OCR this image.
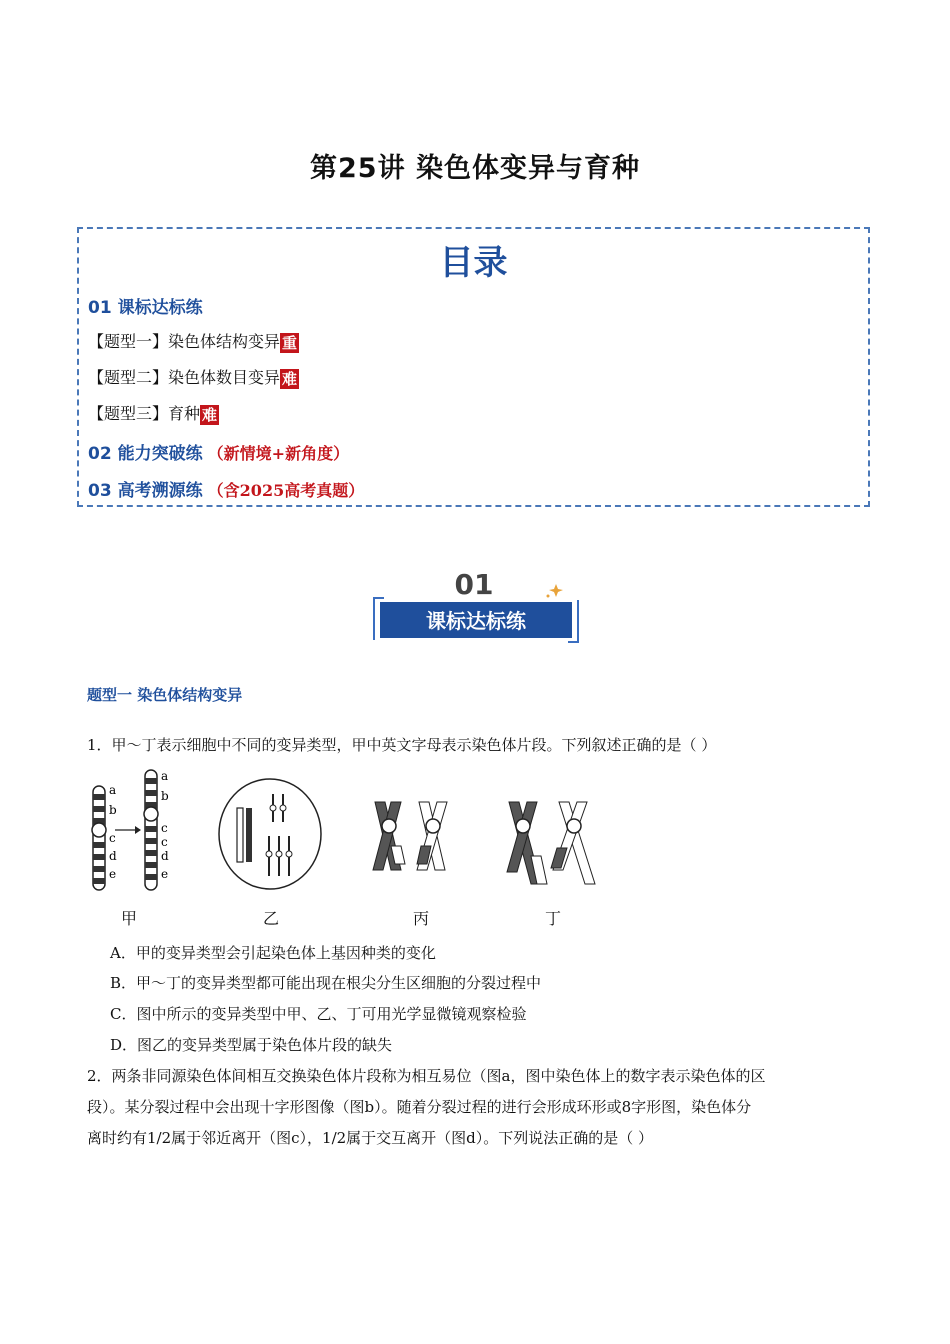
第25讲 染色体变异与育种
目录
01 课标达标练
【题型一】染色体结构变异 重
【题型二】染色体数目变异 难
【题型三】育种 难
02 能力突破练 （新情境+新角度）
03 高考溯源练 （含2025高考真题）
01
课标达标练
题型一 染色体结构变异
1．甲～丁表示细胞中不同的变异类型，甲中英文字母表示染色体片段。下列叙述正确的是（ ）
a
b
c
d
e
a
b
c
c
d
e
甲	乙	丙	丁
A．甲的变异类型会引起染色体上基因种类的变化
B．甲～丁的变异类型都可能出现在根尖分生区细胞的分裂过程中
C．图中所示的变异类型中甲、乙、丁可用光学显微镜观察检验
D．图乙的变异类型属于染色体片段的缺失
2．两条非同源染色体间相互交换染色体片段称为相互易位（图a，图中染色体上的数字表示染色体的区
段）。某分裂过程中会出现十字形图像（图b）。随着分裂过程的进行会形成环形或8字形图，染色体分
离时约有1/2属于邻近离开（图c），1/2属于交互离开（图d）。下列说法正确的是（ ）
